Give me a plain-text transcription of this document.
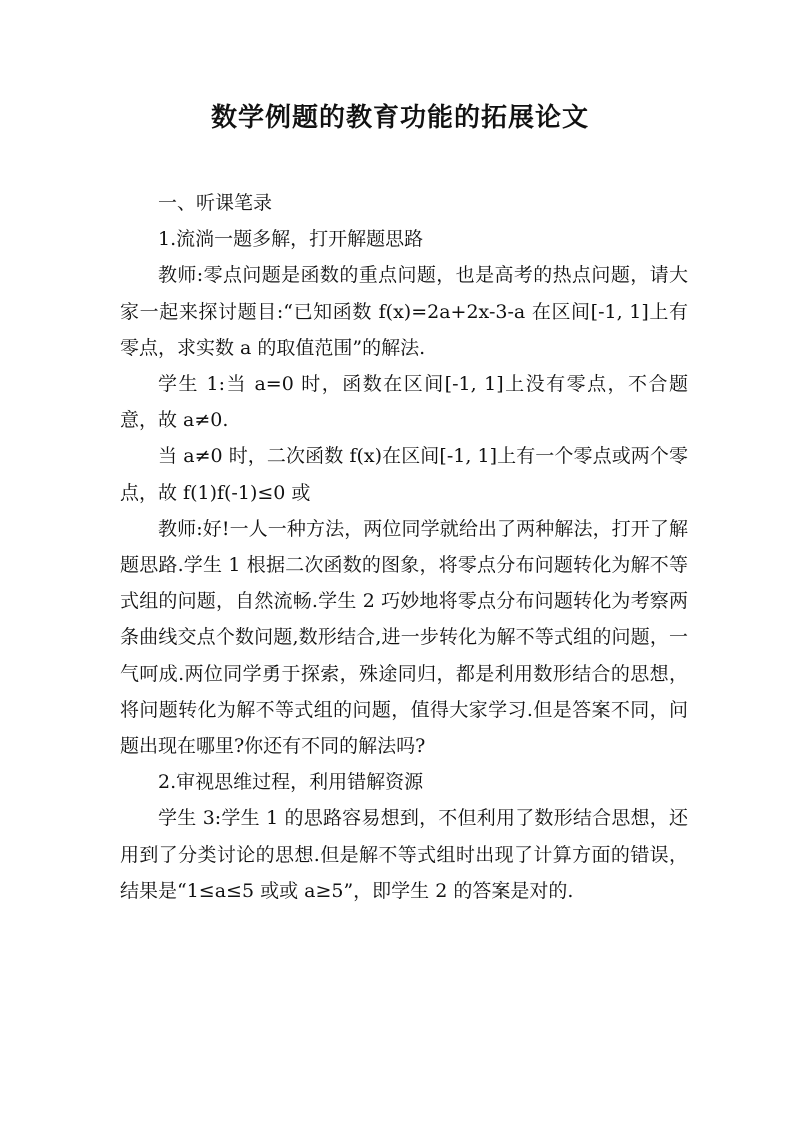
数学例题的教育功能的拓展论文

一、听课笔录

1.流淌一题多解，打开解题思路

教师:零点问题是函数的重点问题，也是高考的热点问题，请大家一起来探讨题目:“已知函数 f(x)=2a+2x-3-a 在区间[-1, 1]上有零点，求实数 a 的取值范围”的解法.

学生 1:当 a=0 时，函数在区间[-1, 1]上没有零点，不合题意，故 a≠0.

当 a≠0 时，二次函数 f(x)在区间[-1, 1]上有一个零点或两个零点，故 f(1)f(-1)≤0 或

教师:好!一人一种方法，两位同学就给出了两种解法，打开了解题思路.学生 1 根据二次函数的图象，将零点分布问题转化为解不等式组的问题，自然流畅.学生 2 巧妙地将零点分布问题转化为考察两条曲线交点个数问题,数形结合,进一步转化为解不等式组的问题，一气呵成.两位同学勇于探索，殊途同归，都是利用数形结合的思想，将问题转化为解不等式组的问题，值得大家学习.但是答案不同，问题出现在哪里?你还有不同的解法吗?

2.审视思维过程，利用错解资源

学生 3:学生 1 的思路容易想到，不但利用了数形结合思想，还用到了分类讨论的思想.但是解不等式组时出现了计算方面的错误，结果是“1≤a≤5 或或 a≥5”，即学生 2 的答案是对的.
